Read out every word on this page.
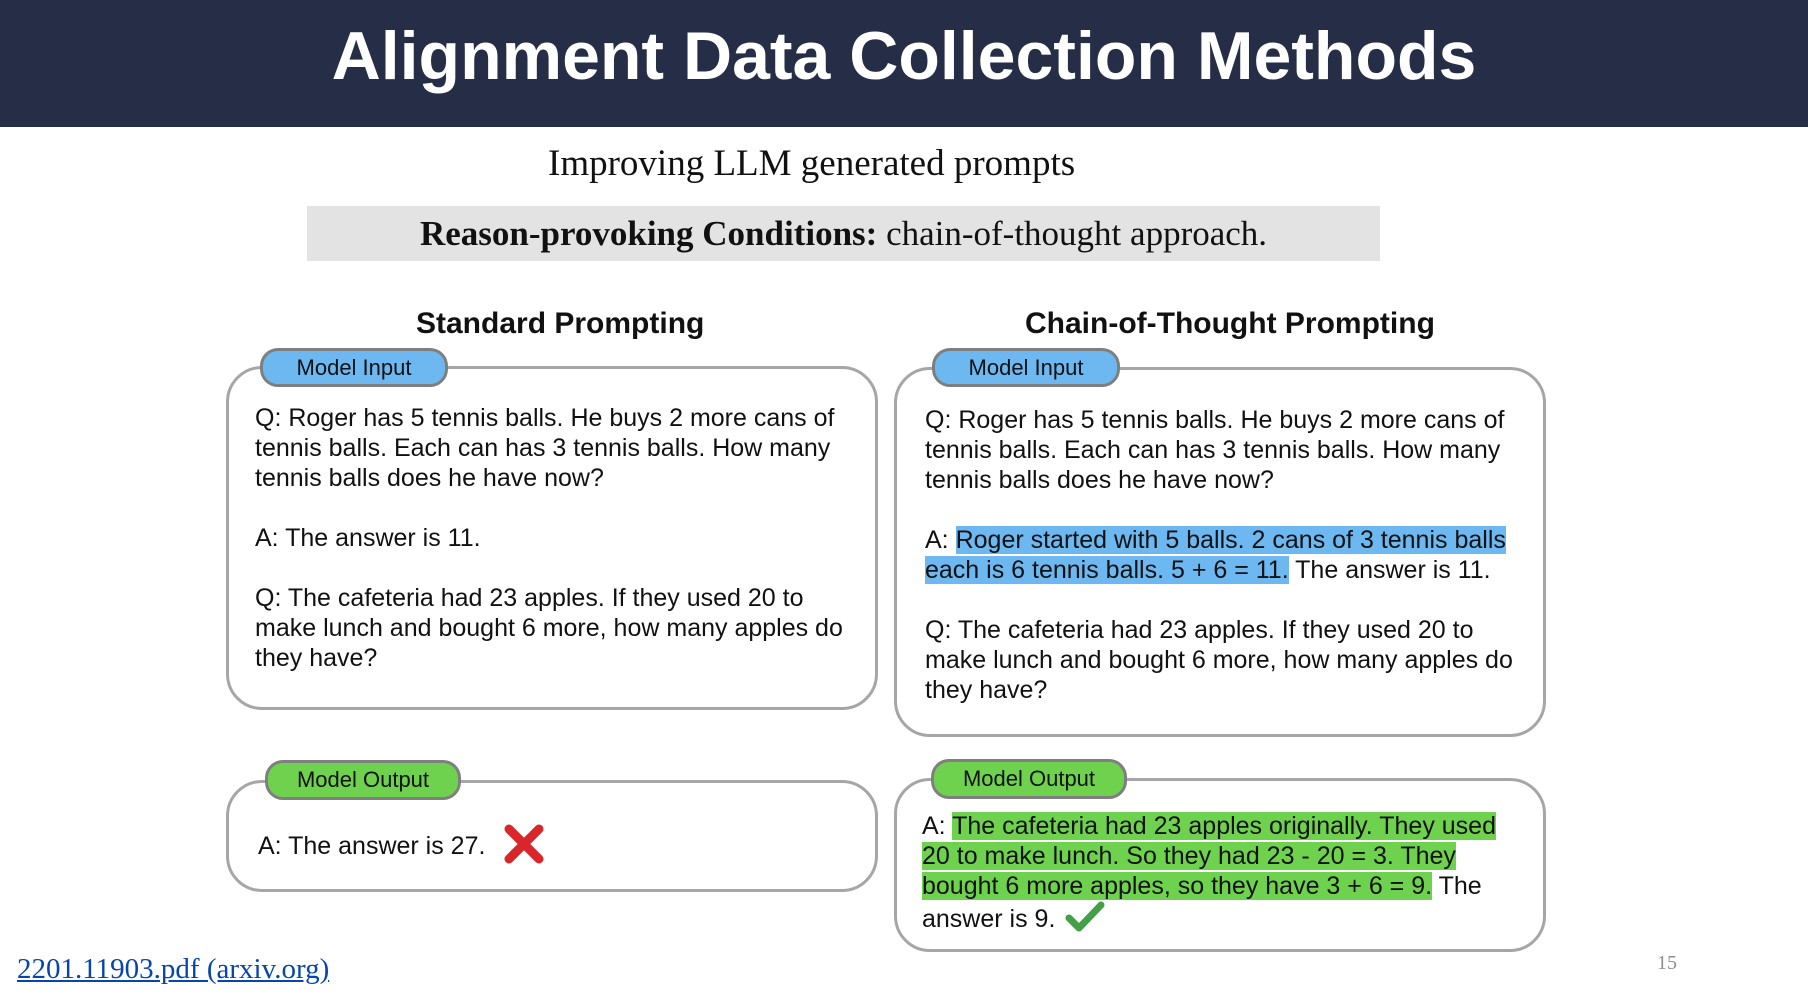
Alignment Data Collection Methods
Improving LLM generated prompts
Reason-provoking Conditions: chain-of-thought approach.
Standard Prompting
Model Input

Q: Roger has 5 tennis balls. He buys 2 more cans of tennis balls. Each can has 3 tennis balls. How many tennis balls does he have now?

A: The answer is 11.

Q: The cafeteria had 23 apples. If they used 20 to make lunch and bought 6 more, how many apples do they have?

Model Output
A: The answer is 27.
Chain-of-Thought Prompting
Model Input

Q: Roger has 5 tennis balls. He buys 2 more cans of tennis balls. Each can has 3 tennis balls. How many tennis balls does he have now?

A: Roger started with 5 balls. 2 cans of 3 tennis balls each is 6 tennis balls. 5 + 6 = 11. The answer is 11.

Q: The cafeteria had 23 apples. If they used 20 to make lunch and bought 6 more, how many apples do they have?

Model Output

A: The cafeteria had 23 apples originally. They used 20 to make lunch. So they had 23 - 20 = 3. They bought 6 more apples, so they have 3 + 6 = 9. The answer is 9.

2201.11903.pdf (arxiv.org)	15
